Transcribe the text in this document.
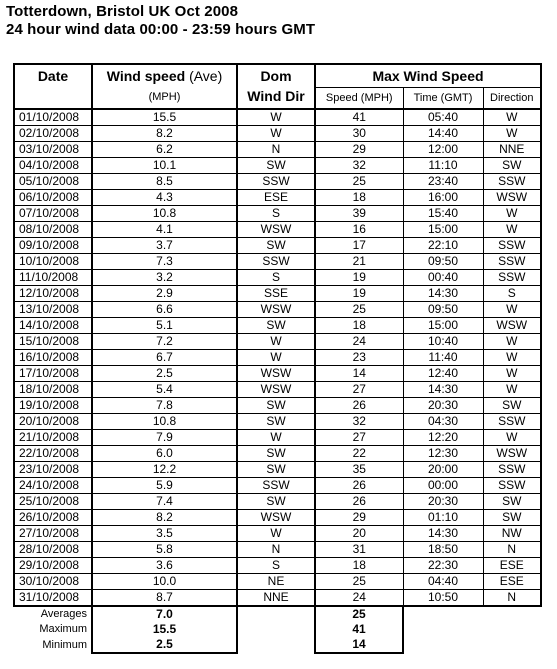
Totterdown, Bristol UK Oct 2008
24 hour wind data 00:00 - 23:59 hours GMT
Date	Wind speed (Ave)	Dom	Max Wind Speed		
	(MPH)	Wind Dir	Speed (MPH)	Time (GMT)	Direction
01/10/2008	15.5	W	41	05:40	W
02/10/2008	8.2	W	30	14:40	W
03/10/2008	6.2	N	29	12:00	NNE
04/10/2008	10.1	SW	32	11:10	SW
05/10/2008	8.5	SSW	25	23:40	SSW
06/10/2008	4.3	ESE	18	16:00	WSW
07/10/2008	10.8	S	39	15:40	W
08/10/2008	4.1	WSW	16	15:00	W
09/10/2008	3.7	SW	17	22:10	SSW
10/10/2008	7.3	SSW	21	09:50	SSW
11/10/2008	3.2	S	19	00:40	SSW
12/10/2008	2.9	SSE	19	14:30	S
13/10/2008	6.6	WSW	25	09:50	W
14/10/2008	5.1	SW	18	15:00	WSW
15/10/2008	7.2	W	24	10:40	W
16/10/2008	6.7	W	23	11:40	W
17/10/2008	2.5	WSW	14	12:40	W
18/10/2008	5.4	WSW	27	14:30	W
19/10/2008	7.8	SW	26	20:30	SW
20/10/2008	10.8	SW	32	04:30	SSW
21/10/2008	7.9	W	27	12:20	W
22/10/2008	6.0	SW	22	12:30	WSW
23/10/2008	12.2	SW	35	20:00	SSW
24/10/2008	5.9	SSW	26	00:00	SSW
25/10/2008	7.4	SW	26	20:30	SW
26/10/2008	8.2	WSW	29	01:10	SW
27/10/2008	3.5	W	20	14:30	NW
28/10/2008	5.8	N	31	18:50	N
29/10/2008	3.6	S	18	22:30	ESE
30/10/2008	10.0	NE	25	04:40	ESE
31/10/2008	8.7	NNE	24	10:50	N
Averages	7.0		25		
Maximum	15.5		41		
Minimum	2.5		14		
